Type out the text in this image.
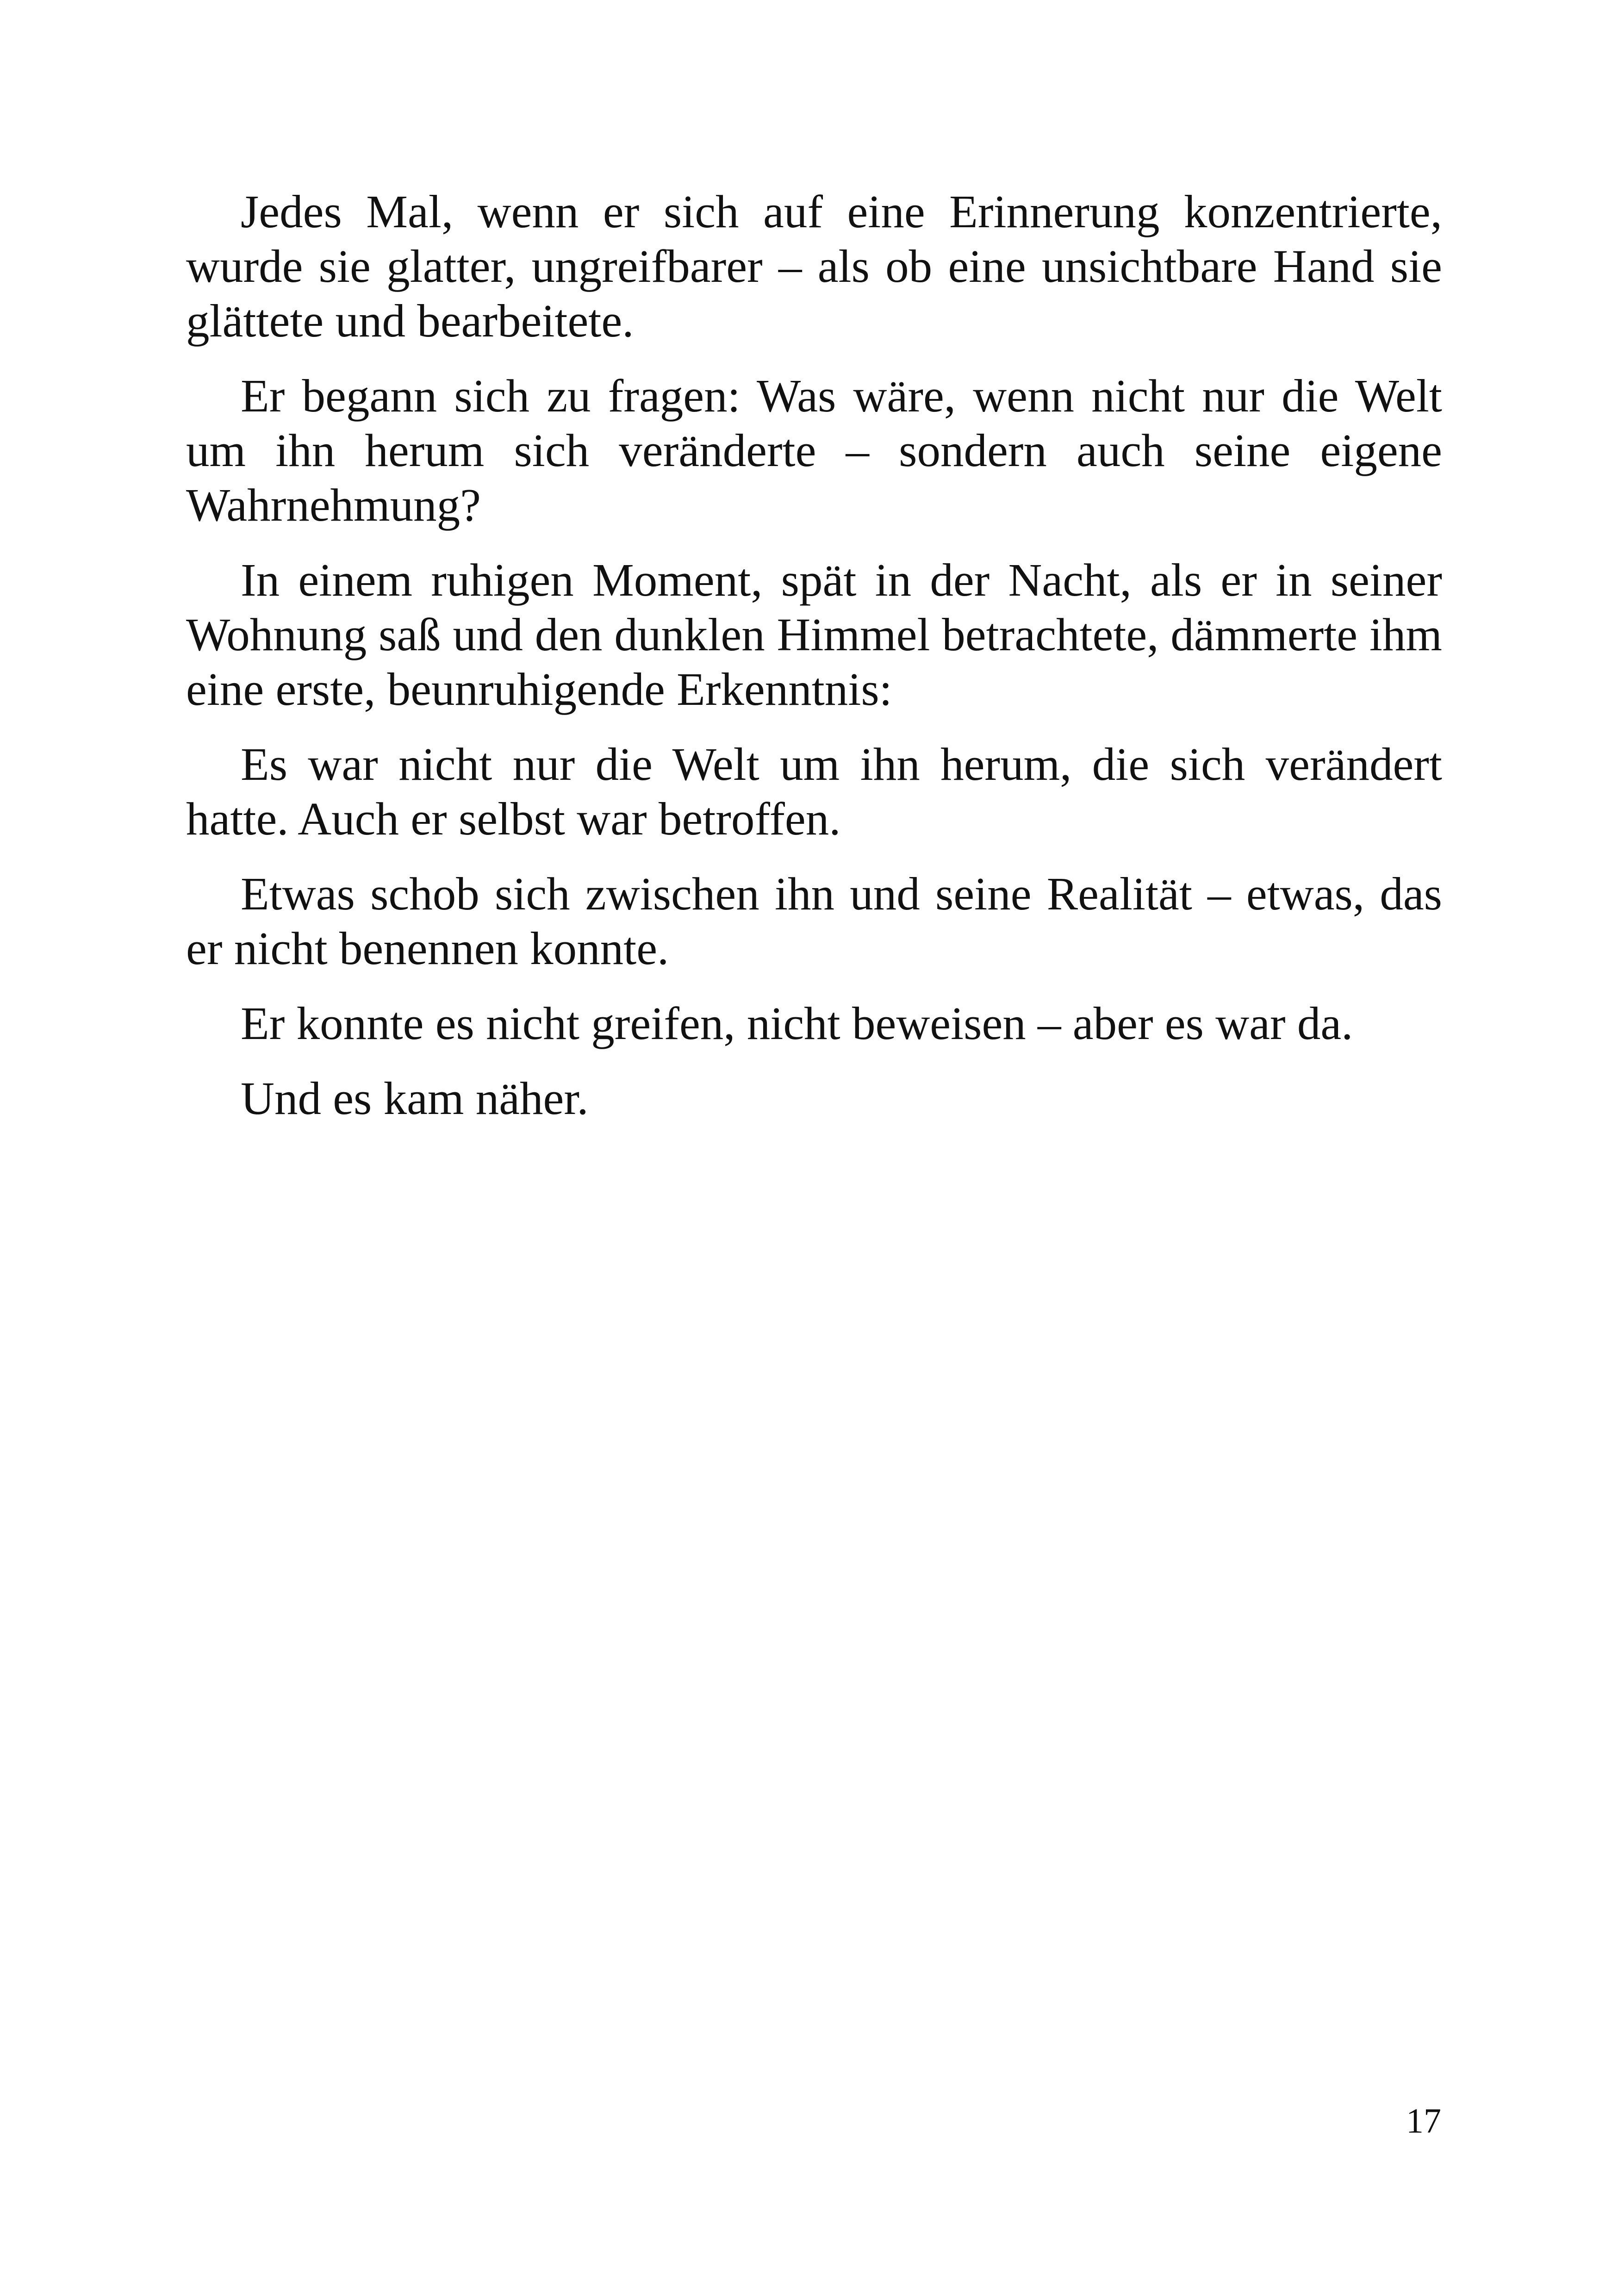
Jedes Mal, wenn er sich auf eine Erinnerung konzentrierte, wurde sie glatter, ungreifbarer – als ob eine unsichtbare Hand sie glättete und bearbeitete.

Er begann sich zu fragen: Was wäre, wenn nicht nur die Welt um ihn herum sich veränderte – sondern auch seine eigene Wahrnehmung?

In einem ruhigen Moment, spät in der Nacht, als er in seiner Wohnung saß und den dunklen Himmel betrachtete, dämmerte ihm eine erste, beunruhigende Erkenntnis:

Es war nicht nur die Welt um ihn herum, die sich verändert hatte. Auch er selbst war betroffen.

Etwas schob sich zwischen ihn und seine Realität – etwas, das er nicht benennen konnte.

Er konnte es nicht greifen, nicht beweisen – aber es war da.

Und es kam näher.

17
